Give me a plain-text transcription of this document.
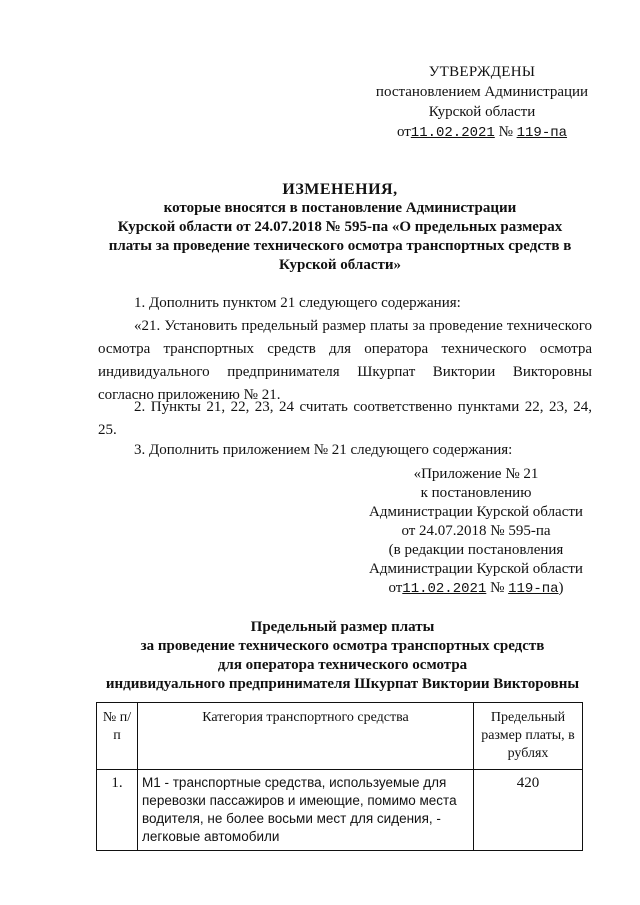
УТВЕРЖДЕНЫ
постановлением Администрации
Курской области
от11.02.2021 № 119-па
ИЗМЕНЕНИЯ,
которые вносятся в постановление Администрации
Курской области от 24.07.2018 № 595-па «О предельных размерах
платы за проведение технического осмотра транспортных средств в
Курской области»
1. Дополнить пунктом 21 следующего содержания:
«21. Установить предельный размер платы за проведение технического осмотра транспортных средств для оператора технического осмотра индивидуального предпринимателя Шкурпат Виктории Викторовны согласно приложению № 21.
2. Пункты 21, 22, 23, 24 считать соответственно пунктами 22, 23, 24, 25.
3. Дополнить приложением № 21 следующего содержания:
«Приложение № 21
к постановлению
Администрации Курской области
от 24.07.2018 № 595-па
(в редакции постановления
Администрации Курской области
от11.02.2021 № 119-па)
Предельный размер платы
за проведение технического осмотра транспортных средств
для оператора технического осмотра
индивидуального предпринимателя Шкурпат Виктории Викторовны
№ п/п	Категория транспортного средства	Предельный размер платы, в рублях
1.	M1 - транспортные средства, используемые для перевозки пассажиров и имеющие, помимо места водителя, не более восьми мест для сидения, - легковые автомобили	420
